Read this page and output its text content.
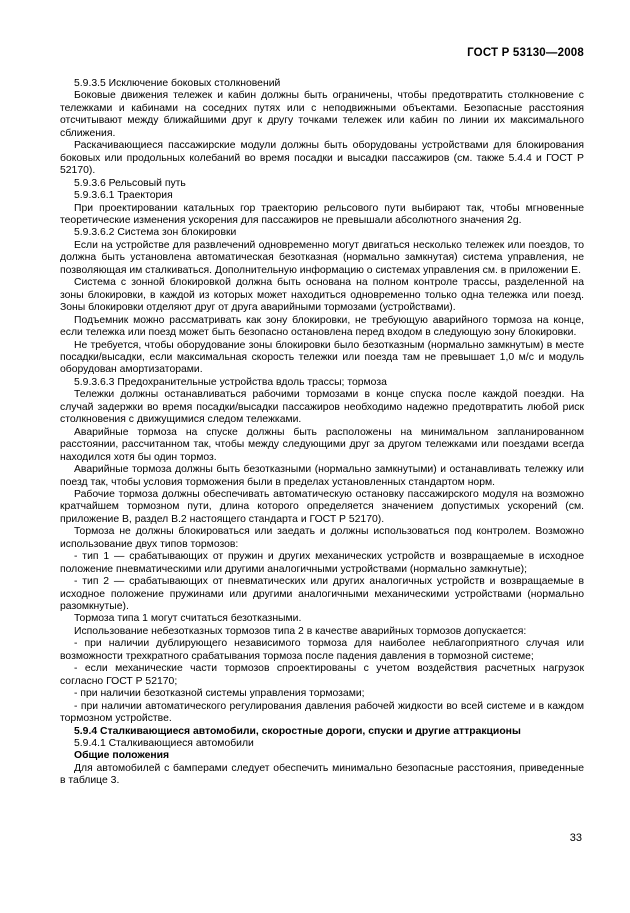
ГОСТ Р 53130—2008

5.9.3.5 Исключение боковых столкновений

Боковые движения тележек и кабин должны быть ограничены, чтобы предотвратить столкновение с тележками и кабинами на соседних путях или с неподвижными объектами. Безопасные расстояния отсчитывают между ближайшими друг к другу точками тележек или кабин по линии их максимального сближения.

Раскачивающиеся пассажирские модули должны быть оборудованы устройствами для блокирования боковых или продольных колебаний во время посадки и высадки пассажиров (см. также 5.4.4 и ГОСТ Р 52170).

5.9.3.6 Рельсовый путь

5.9.3.6.1 Траектория

При проектировании катальных гор траекторию рельсового пути выбирают так, чтобы мгновенные теоретические изменения ускорения для пассажиров не превышали абсолютного значения 2g.

5.9.3.6.2 Система зон блокировки

Если на устройстве для развлечений одновременно могут двигаться несколько тележек или поездов, то должна быть установлена автоматическая безотказная (нормально замкнутая) система управления, не позволяющая им сталкиваться. Дополнительную информацию о системах управления см. в приложении Е.

Система с зонной блокировкой должна быть основана на полном контроле трассы, разделенной на зоны блокировки, в каждой из которых может находиться одновременно только одна тележка или поезд. Зоны блокировки отделяют друг от друга аварийными тормозами (устройствами).

Подъемник можно рассматривать как зону блокировки, не требующую аварийного тормоза на конце, если тележка или поезд может быть безопасно остановлена перед входом в следующую зону блокировки.

Не требуется, чтобы оборудование зоны блокировки было безотказным (нормально замкнутым) в месте посадки/высадки, если максимальная скорость тележки или поезда там не превышает 1,0 м/с и модуль оборудован амортизаторами.

5.9.3.6.3 Предохранительные устройства вдоль трассы; тормоза

Тележки должны останавливаться рабочими тормозами в конце спуска после каждой поездки. На случай задержки во время посадки/высадки пассажиров необходимо надежно предотвратить любой риск столкновения с движущимися следом тележками.

Аварийные тормоза на спуске должны быть расположены на минимальном запланированном расстоянии, рассчитанном так, чтобы между следующими друг за другом тележками или поездами всегда находился хотя бы один тормоз.

Аварийные тормоза должны быть безотказными (нормально замкнутыми) и останавливать тележку или поезд так, чтобы условия торможения были в пределах установленных стандартом норм.

Рабочие тормоза должны обеспечивать автоматическую остановку пассажирского модуля на возможно кратчайшем тормозном пути, длина которого определяется значением допустимых ускорений (см. приложение В, раздел В.2 настоящего стандарта и ГОСТ Р 52170).

Тормоза не должны блокироваться или заедать и должны использоваться под контролем. Возможно использование двух типов тормозов:

- тип 1 — срабатывающих от пружин и других механических устройств и возвращаемые в исходное положение пневматическими или другими аналогичными устройствами (нормально замкнутые);

- тип 2 — срабатывающих от пневматических или других аналогичных устройств и возвращаемые в исходное положение пружинами или другими аналогичными механическими устройствами (нормально разомкнутые).

Тормоза типа 1 могут считаться безотказными.

Использование небезотказных тормозов типа 2 в качестве аварийных тормозов допускается:

- при наличии дублирующего независимого тормоза для наиболее неблагоприятного случая или возможности трехкратного срабатывания тормоза после падения давления в тормозной системе;

- если механические части тормозов спроектированы с учетом воздействия расчетных нагрузок согласно ГОСТ Р 52170;

- при наличии безотказной системы управления тормозами;

- при наличии автоматического регулирования давления рабочей жидкости во всей системе и в каждом тормозном устройстве.

5.9.4 Сталкивающиеся автомобили, скоростные дороги, спуски и другие аттракционы

5.9.4.1 Сталкивающиеся автомобили

Общие положения

Для автомобилей с бамперами следует обеспечить минимально безопасные расстояния, приведенные в таблице 3.

33
